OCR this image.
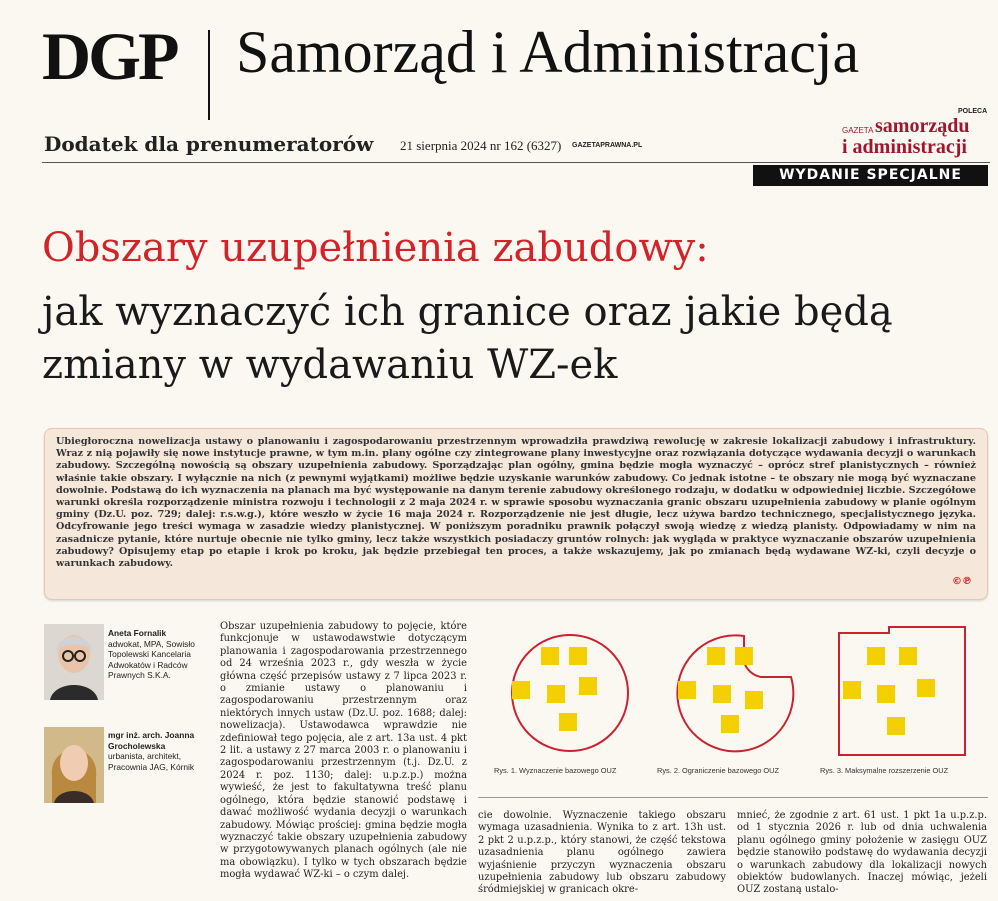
DGP Samorząd i Administracja
Dodatek dla prenumeratorów 21 sierpnia 2024 nr 162 (6327) GAZETAPRAWNA.PL
POLECA
GAZETA samorządu
i administracji
WYDANIE SPECJALNE
Obszary uzupełnienia zabudowy:
jak wyznaczyć ich granice oraz jakie będą zmiany w wydawaniu WZ-ek
Ubiegłoroczna nowelizacja ustawy o planowaniu i zagospodarowaniu przestrzennym wprowadziła prawdziwą rewolucję w zakresie lokalizacji zabudowy i infrastruktury. Wraz z nią pojawiły się nowe instytucje prawne, w tym m.in. plany ogólne czy zintegrowane plany inwestycyjne oraz rozwiązania dotyczące wydawania decyzji o warunkach zabudowy. Szczególną nowością są obszary uzupełnienia zabudowy. Sporządzając plan ogólny, gmina będzie mogła wyznaczyć – oprócz stref planistycznych – również właśnie takie obszary. I wyłącznie na nich (z pewnymi wyjątkami) możliwe będzie uzyskanie warunków zabudowy. Co jednak istotne – te obszary nie mogą być wyznaczane dowolnie. Podstawą do ich wyznaczenia na planach ma być występowanie na danym terenie zabudowy określonego rodzaju, w dodatku w odpowiedniej liczbie. Szczegółowe warunki określa rozporządzenie ministra rozwoju i technologii z 2 maja 2024 r. w sprawie sposobu wyznaczania granic obszaru uzupełnienia zabudowy w planie ogólnym gminy (Dz.U. poz. 729; dalej: r.s.w.g.), które weszło w życie 16 maja 2024 r. Rozporządzenie nie jest długie, lecz używa bardzo technicznego, specjalistycznego języka. Odcyfrowanie jego treści wymaga w zasadzie wiedzy planistycznej. W poniższym poradniku prawnik połączył swoją wiedzę z wiedzą planisty. Odpowiadamy w nim na zasadnicze pytanie, które nurtuje obecnie nie tylko gminy, lecz także wszystkich posiadaczy gruntów rolnych: jak wygląda w praktyce wyznaczanie obszarów uzupełnienia zabudowy? Opisujemy etap po etapie i krok po kroku, jak będzie przebiegał ten proces, a także wskazujemy, jak po zmianach będą wydawane WZ-ki, czyli decyzje o warunkach zabudowy.
©℗
Aneta Fornalik
adwokat, MPA, Sowisło Topolewski Kancelaria Adwokatów i Radców Prawnych S.K.A.
mgr inż. arch. Joanna Grocholewska
urbanista, architekt, Pracownia JAG, Kórnik
Obszar uzupełnienia zabudowy to pojęcie, które funkcjonuje w ustawodawstwie dotyczącym planowania i zagospodarowania przestrzennego od 24 września 2023 r., gdy weszła w życie główna część przepisów ustawy z 7 lipca 2023 r. o zmianie ustawy o planowaniu i zagospodarowaniu przestrzennym oraz niektórych innych ustaw (Dz.U. poz. 1688; dalej: nowelizacja). Ustawodawca wprawdzie nie zdefiniował tego pojęcia, ale z art. 13a ust. 4 pkt 2 lit. a ustawy z 27 marca 2003 r. o planowaniu i zagospodarowaniu przestrzennym (t.j. Dz.U. z 2024 r. poz. 1130; dalej: u.p.z.p.) można wywieść, że jest to fakultatywna treść planu ogólnego, która będzie stanowić podstawę i dawać możliwość wydania decyzji o warunkach zabudowy. Mówiąc prościej: gmina będzie mogła wyznaczyć takie obszary uzupełnienia zabudowy w przygotowywanych planach ogólnych (ale nie ma obowiązku). I tylko w tych obszarach będzie mogła wydawać WZ-ki – o czym dalej.
Rys. 1. Wyznaczenie bazowego OUZ	Rys. 2. Ograniczenie bazowego OUZ	Rys. 3. Maksymalne rozszerzenie OUZ
cie dowolnie. Wyznaczenie takiego obszaru wymaga uzasadnienia. Wynika to z art. 13h ust. 2 pkt 2 u.p.z.p., który stanowi, że część tekstowa uzasadnienia planu ogólnego zawiera wyjaśnienie przyczyn wyznaczenia obszaru uzupełnienia zabudowy lub obszaru zabudowy śródmiejskiej w granicach okre-
mnieć, że zgodnie z art. 61 ust. 1 pkt 1a u.p.z.p. od 1 stycznia 2026 r. lub od dnia uchwalenia planu ogólnego gminy położenie w zasięgu OUZ będzie stanowiło podstawę do wydawania decyzji o warunkach zabudowy dla lokalizacji nowych obiektów budowlanych. Inaczej mówiąc, jeżeli OUZ zostaną ustalo-
